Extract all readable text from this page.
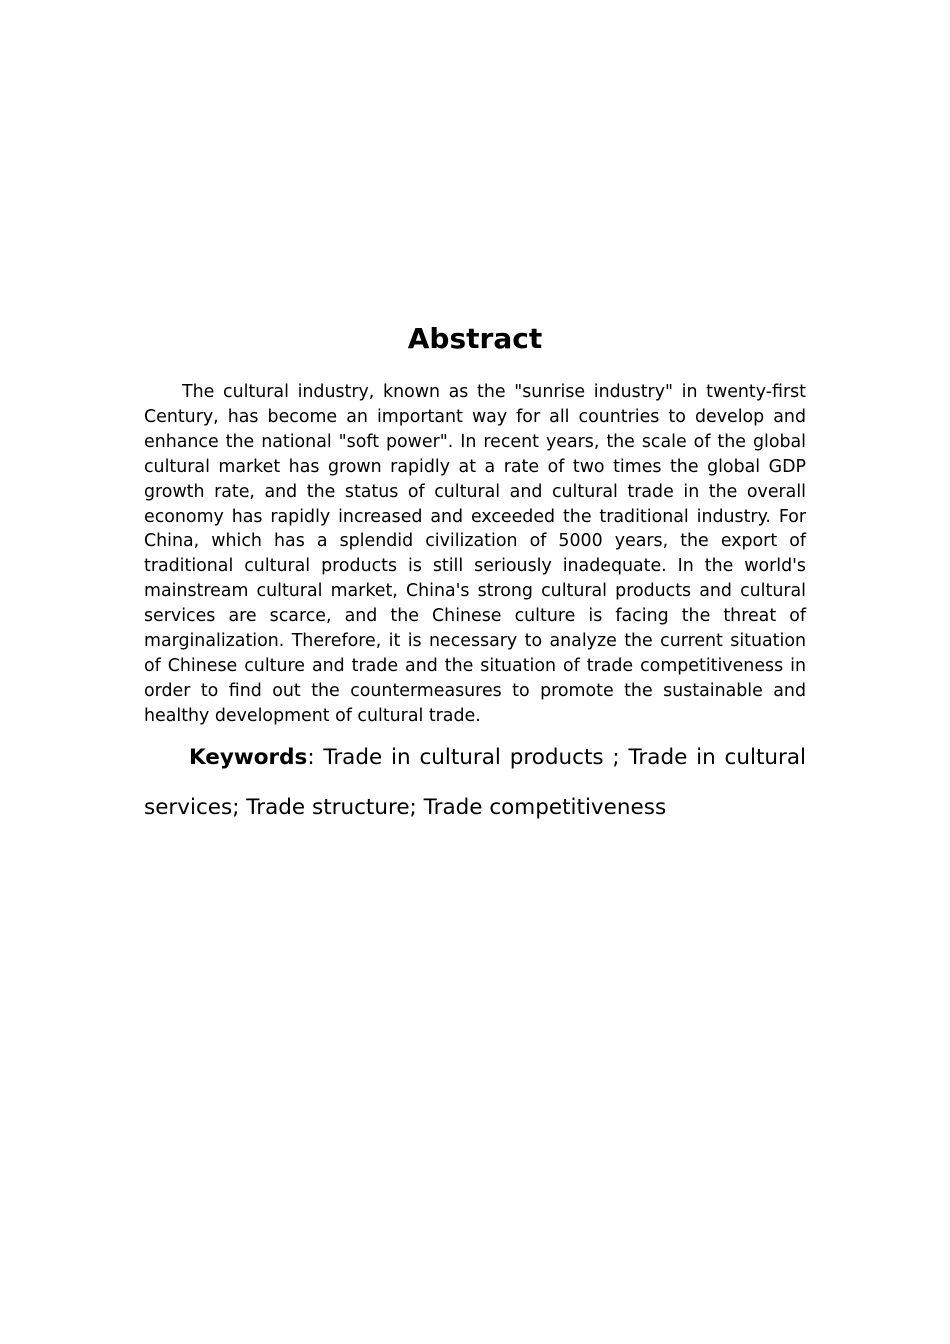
Abstract

The cultural industry, known as the "sunrise industry" in twenty-first Century, has become an important way for all countries to develop and enhance the national "soft power". In recent years, the scale of the global cultural market has grown rapidly at a rate of two times the global GDP growth rate, and the status of cultural and cultural trade in the overall economy has rapidly increased and exceeded the traditional industry. For China, which has a splendid civilization of 5000 years, the export of traditional cultural products is still seriously inadequate. In the world's mainstream cultural market, China's strong cultural products and cultural services are scarce, and the Chinese culture is facing the threat of marginalization. Therefore, it is necessary to analyze the current situation of Chinese culture and trade and the situation of trade competitiveness in order to find out the countermeasures to promote the sustainable and healthy development of cultural trade.

Keywords: Trade in cultural products ; Trade in cultural services; Trade structure; Trade competitiveness
